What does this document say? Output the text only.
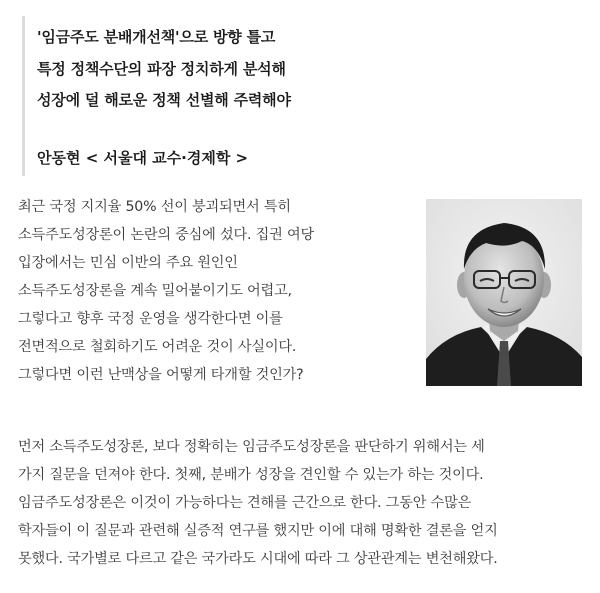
'임금주도 분배개선책'으로 방향 틀고
특정 정책수단의 파장 정치하게 분석해
성장에 덜 해로운 정책 선별해 주력해야
안동현 < 서울대 교수·경제학 >
최근 국정 지지율 50% 선이 붕괴되면서 특히
소득주도성장론이 논란의 중심에 섰다. 집권 여당
입장에서는 민심 이반의 주요 원인인
소득주도성장론을 계속 밀어붙이기도 어렵고,
그렇다고 향후 국정 운영을 생각한다면 이를
전면적으로 철회하기도 어려운 것이 사실이다.
그렇다면 이런 난맥상을 어떻게 타개할 것인가?
먼저 소득주도성장론, 보다 정확히는 임금주도성장론을 판단하기 위해서는 세
가지 질문을 던져야 한다. 첫째, 분배가 성장을 견인할 수 있는가 하는 것이다.
임금주도성장론은 이것이 가능하다는 견해를 근간으로 한다. 그동안 수많은
학자들이 이 질문과 관련해 실증적 연구를 했지만 이에 대해 명확한 결론을 얻지
못했다. 국가별로 다르고 같은 국가라도 시대에 따라 그 상관관계는 변천해왔다.
